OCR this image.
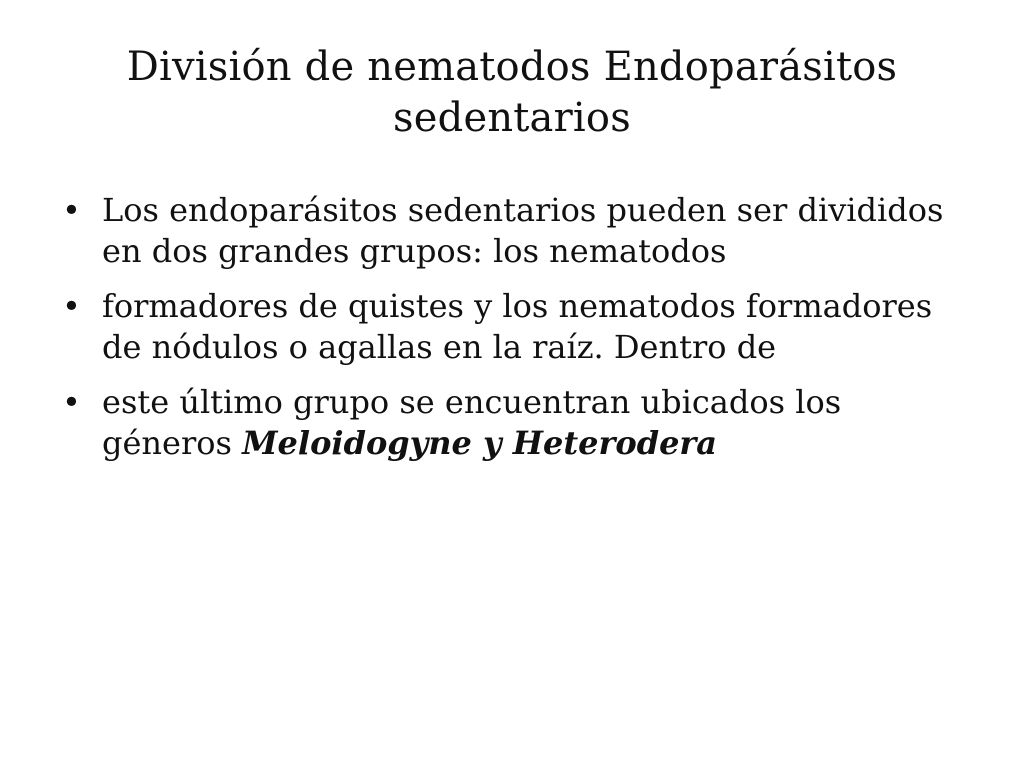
División de nematodos Endoparásitos sedentarios
• Los endoparásitos sedentarios pueden ser divididos en dos grandes grupos: los nematodos
• formadores de quistes y los nematodos formadores de nódulos o agallas en la raíz. Dentro de
• este último grupo se encuentran ubicados los géneros Meloidogyne y Heterodera
